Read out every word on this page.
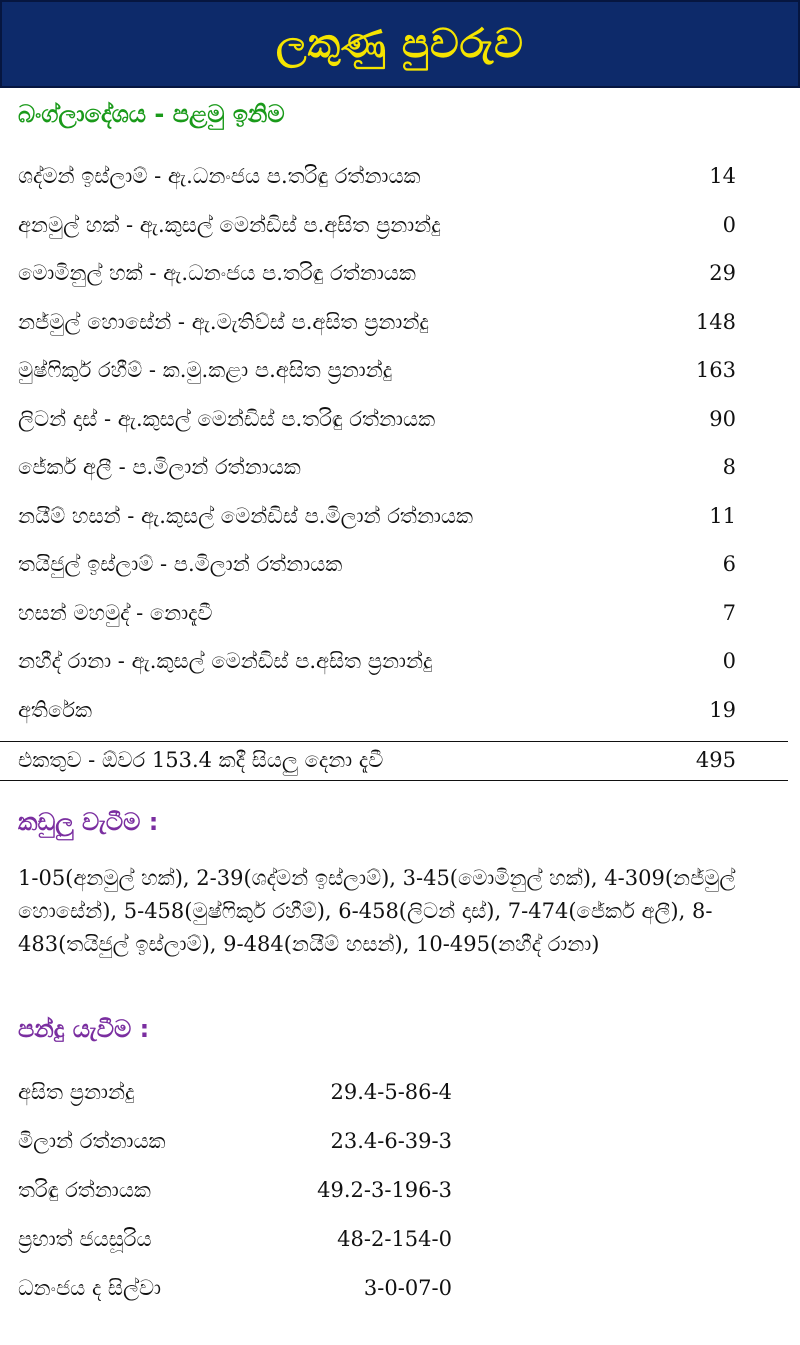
ලකුණු පුවරුව
බංග්ලාදේශය - පළමු ඉනිම
ශද්මන් ඉස්ලාම් - ඇ.ධනංජය ප.තරිඳු රත්නායක	14
අනමුල් හක් - ඇ.කුසල් මෙන්ඩිස් ප.අසිත ප්‍රනාන්දු	0
මොමිනුල් හක් - ඇ.ධනංජය ප.තරිඳු රත්නායක	29
නජ්මුල් හොසේන් - ඇ.මැතිව්ස් ප.අසිත ප්‍රනාන්දු	148
මුෂ්ෆිකුර් රහීම් - ක.මු.කළා ප.අසිත ප්‍රනාන්දු	163
ලිටන් දාස් - ඇ.කුසල් මෙන්ඩිස් ප.තරිඳු රත්නායක	90
ජේකර් අලී - ප.මිලාන් රත්නායක	8
නයීම් හසන් - ඇ.කුසල් මෙන්ඩිස් ප.මිලාන් රත්නායක	11
තයිජුල් ඉස්ලාම් - ප.මිලාන් රත්නායක	6
හසන් මහමුද් - නොදැවී	7
නහීද් රානා - ඇ.කුසල් මෙන්ඩිස් ප.අසිත ප්‍රනාන්දු	0
අතිරේක	19
එකතුව - ඕවර 153.4 කදී සියලු දෙනා දැවී	495
කඩුලු වැටීම :
1-05(අනමුල් හක්), 2-39(ශද්මන් ඉස්ලාම්), 3-45(මොමිනුල් හක්), 4-309(නජ්මුල් හොසේන්), 5-458(මුෂ්ෆිකුර් රහීම්), 6-458(ලිටන් දාස්), 7-474(ජේකර් අලී), 8-483(තයිජුල් ඉස්ලාම්), 9-484(නයීම් හසන්), 10-495(නහීද් රානා)
පන්දු යැවීම :
අසිත ප්‍රනාන්දු	29.4-5-86-4
මිලාන් රත්නායක	23.4-6-39-3
තරිඳු රත්නායක	49.2-3-196-3
ප්‍රභාත් ජයසූරිය	48-2-154-0
ධනංජය ද සිල්වා	3-0-07-0
